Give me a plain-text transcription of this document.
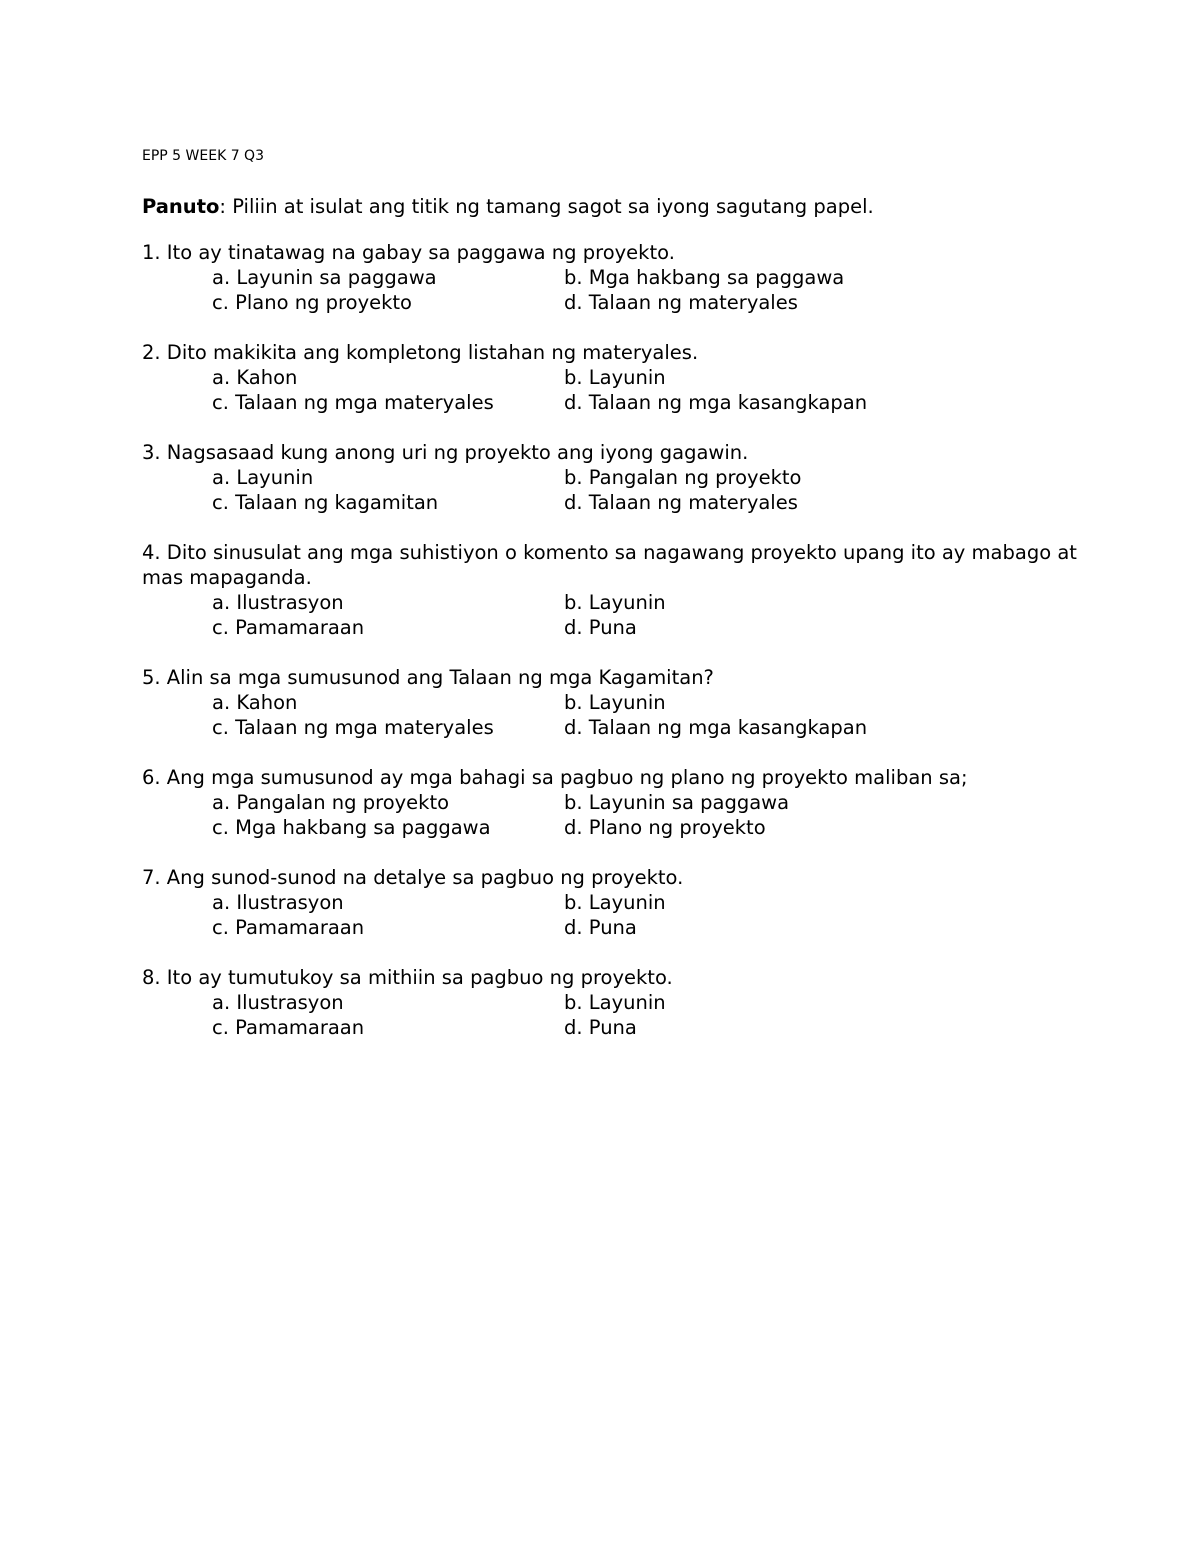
EPP 5 WEEK 7 Q3
Panuto: Piliin at isulat ang titik ng tamang sagot sa iyong sagutang papel.
1. Ito ay tinatawag na gabay sa paggawa ng proyekto.
a. Layunin sa paggawa	b. Mga hakbang sa paggawa
c. Plano ng proyekto	d. Talaan ng materyales
2. Dito makikita ang kompletong listahan ng materyales.
a. Kahon	b. Layunin
c. Talaan ng mga materyales	d. Talaan ng mga kasangkapan
3. Nagsasaad kung anong uri ng proyekto ang iyong gagawin.
a. Layunin	b. Pangalan ng proyekto
c. Talaan ng kagamitan	d. Talaan ng materyales
4. Dito sinusulat ang mga suhistiyon o komento sa nagawang proyekto upang ito ay mabago at mas mapaganda.
a. Ilustrasyon	b. Layunin
c. Pamamaraan	d. Puna
5. Alin sa mga sumusunod ang Talaan ng mga Kagamitan?
a. Kahon	b. Layunin
c. Talaan ng mga materyales	d. Talaan ng mga kasangkapan
6. Ang mga sumusunod ay mga bahagi sa pagbuo ng plano ng proyekto maliban sa;
a. Pangalan ng proyekto	b. Layunin sa paggawa
c. Mga hakbang sa paggawa	d. Plano ng proyekto
7. Ang sunod-sunod na detalye sa pagbuo ng proyekto.
a. Ilustrasyon	b. Layunin
c. Pamamaraan	d. Puna
8. Ito ay tumutukoy sa mithiin sa pagbuo ng proyekto.
a. Ilustrasyon	b. Layunin
c. Pamamaraan	d. Puna
